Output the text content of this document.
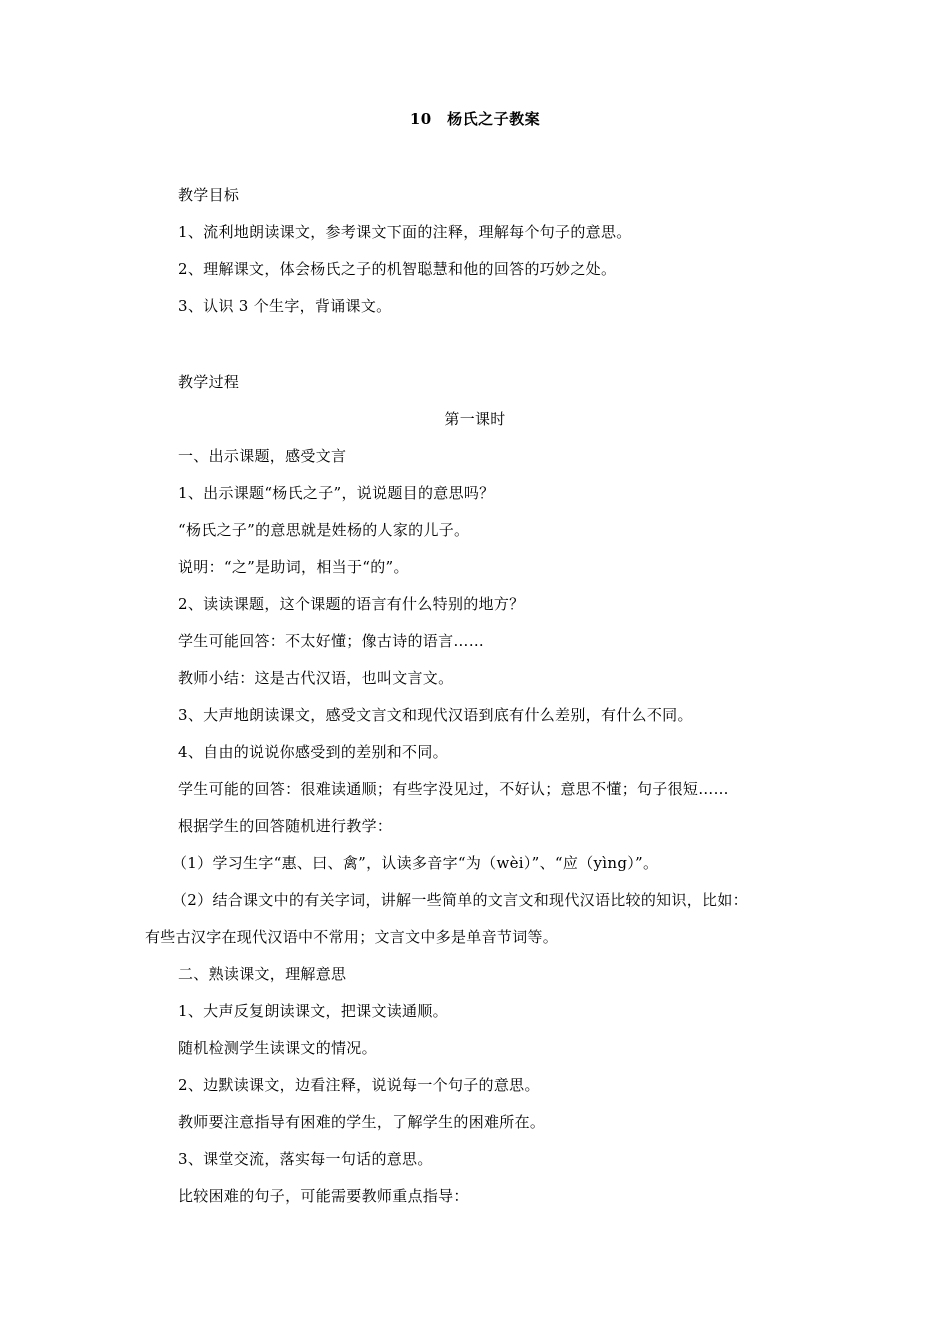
10　杨氏之子教案
教学目标
1、流利地朗读课文，参考课文下面的注释，理解每个句子的意思。
2、理解课文，体会杨氏之子的机智聪慧和他的回答的巧妙之处。
3、认识 3 个生字，背诵课文。
教学过程
第一课时
一、出示课题，感受文言
1、出示课题“杨氏之子”，说说题目的意思吗？
“杨氏之子”的意思就是姓杨的人家的儿子。
说明：“之”是助词，相当于“的”。
2、读读课题，这个课题的语言有什么特别的地方？
学生可能回答：不太好懂；像古诗的语言……
教师小结：这是古代汉语，也叫文言文。
3、大声地朗读课文，感受文言文和现代汉语到底有什么差别，有什么不同。
4、自由的说说你感受到的差别和不同。
学生可能的回答：很难读通顺；有些字没见过，不好认；意思不懂；句子很短……
根据学生的回答随机进行教学：
（1）学习生字“惠、曰、禽”，认读多音字“为（wèi）”、“应（yìng）”。
（2）结合课文中的有关字词，讲解一些简单的文言文和现代汉语比较的知识，比如：
有些古汉字在现代汉语中不常用；文言文中多是单音节词等。
二、熟读课文，理解意思
1、大声反复朗读课文，把课文读通顺。
随机检测学生读课文的情况。
2、边默读课文，边看注释，说说每一个句子的意思。
教师要注意指导有困难的学生，了解学生的困难所在。
3、课堂交流，落实每一句话的意思。
比较困难的句子，可能需要教师重点指导：
